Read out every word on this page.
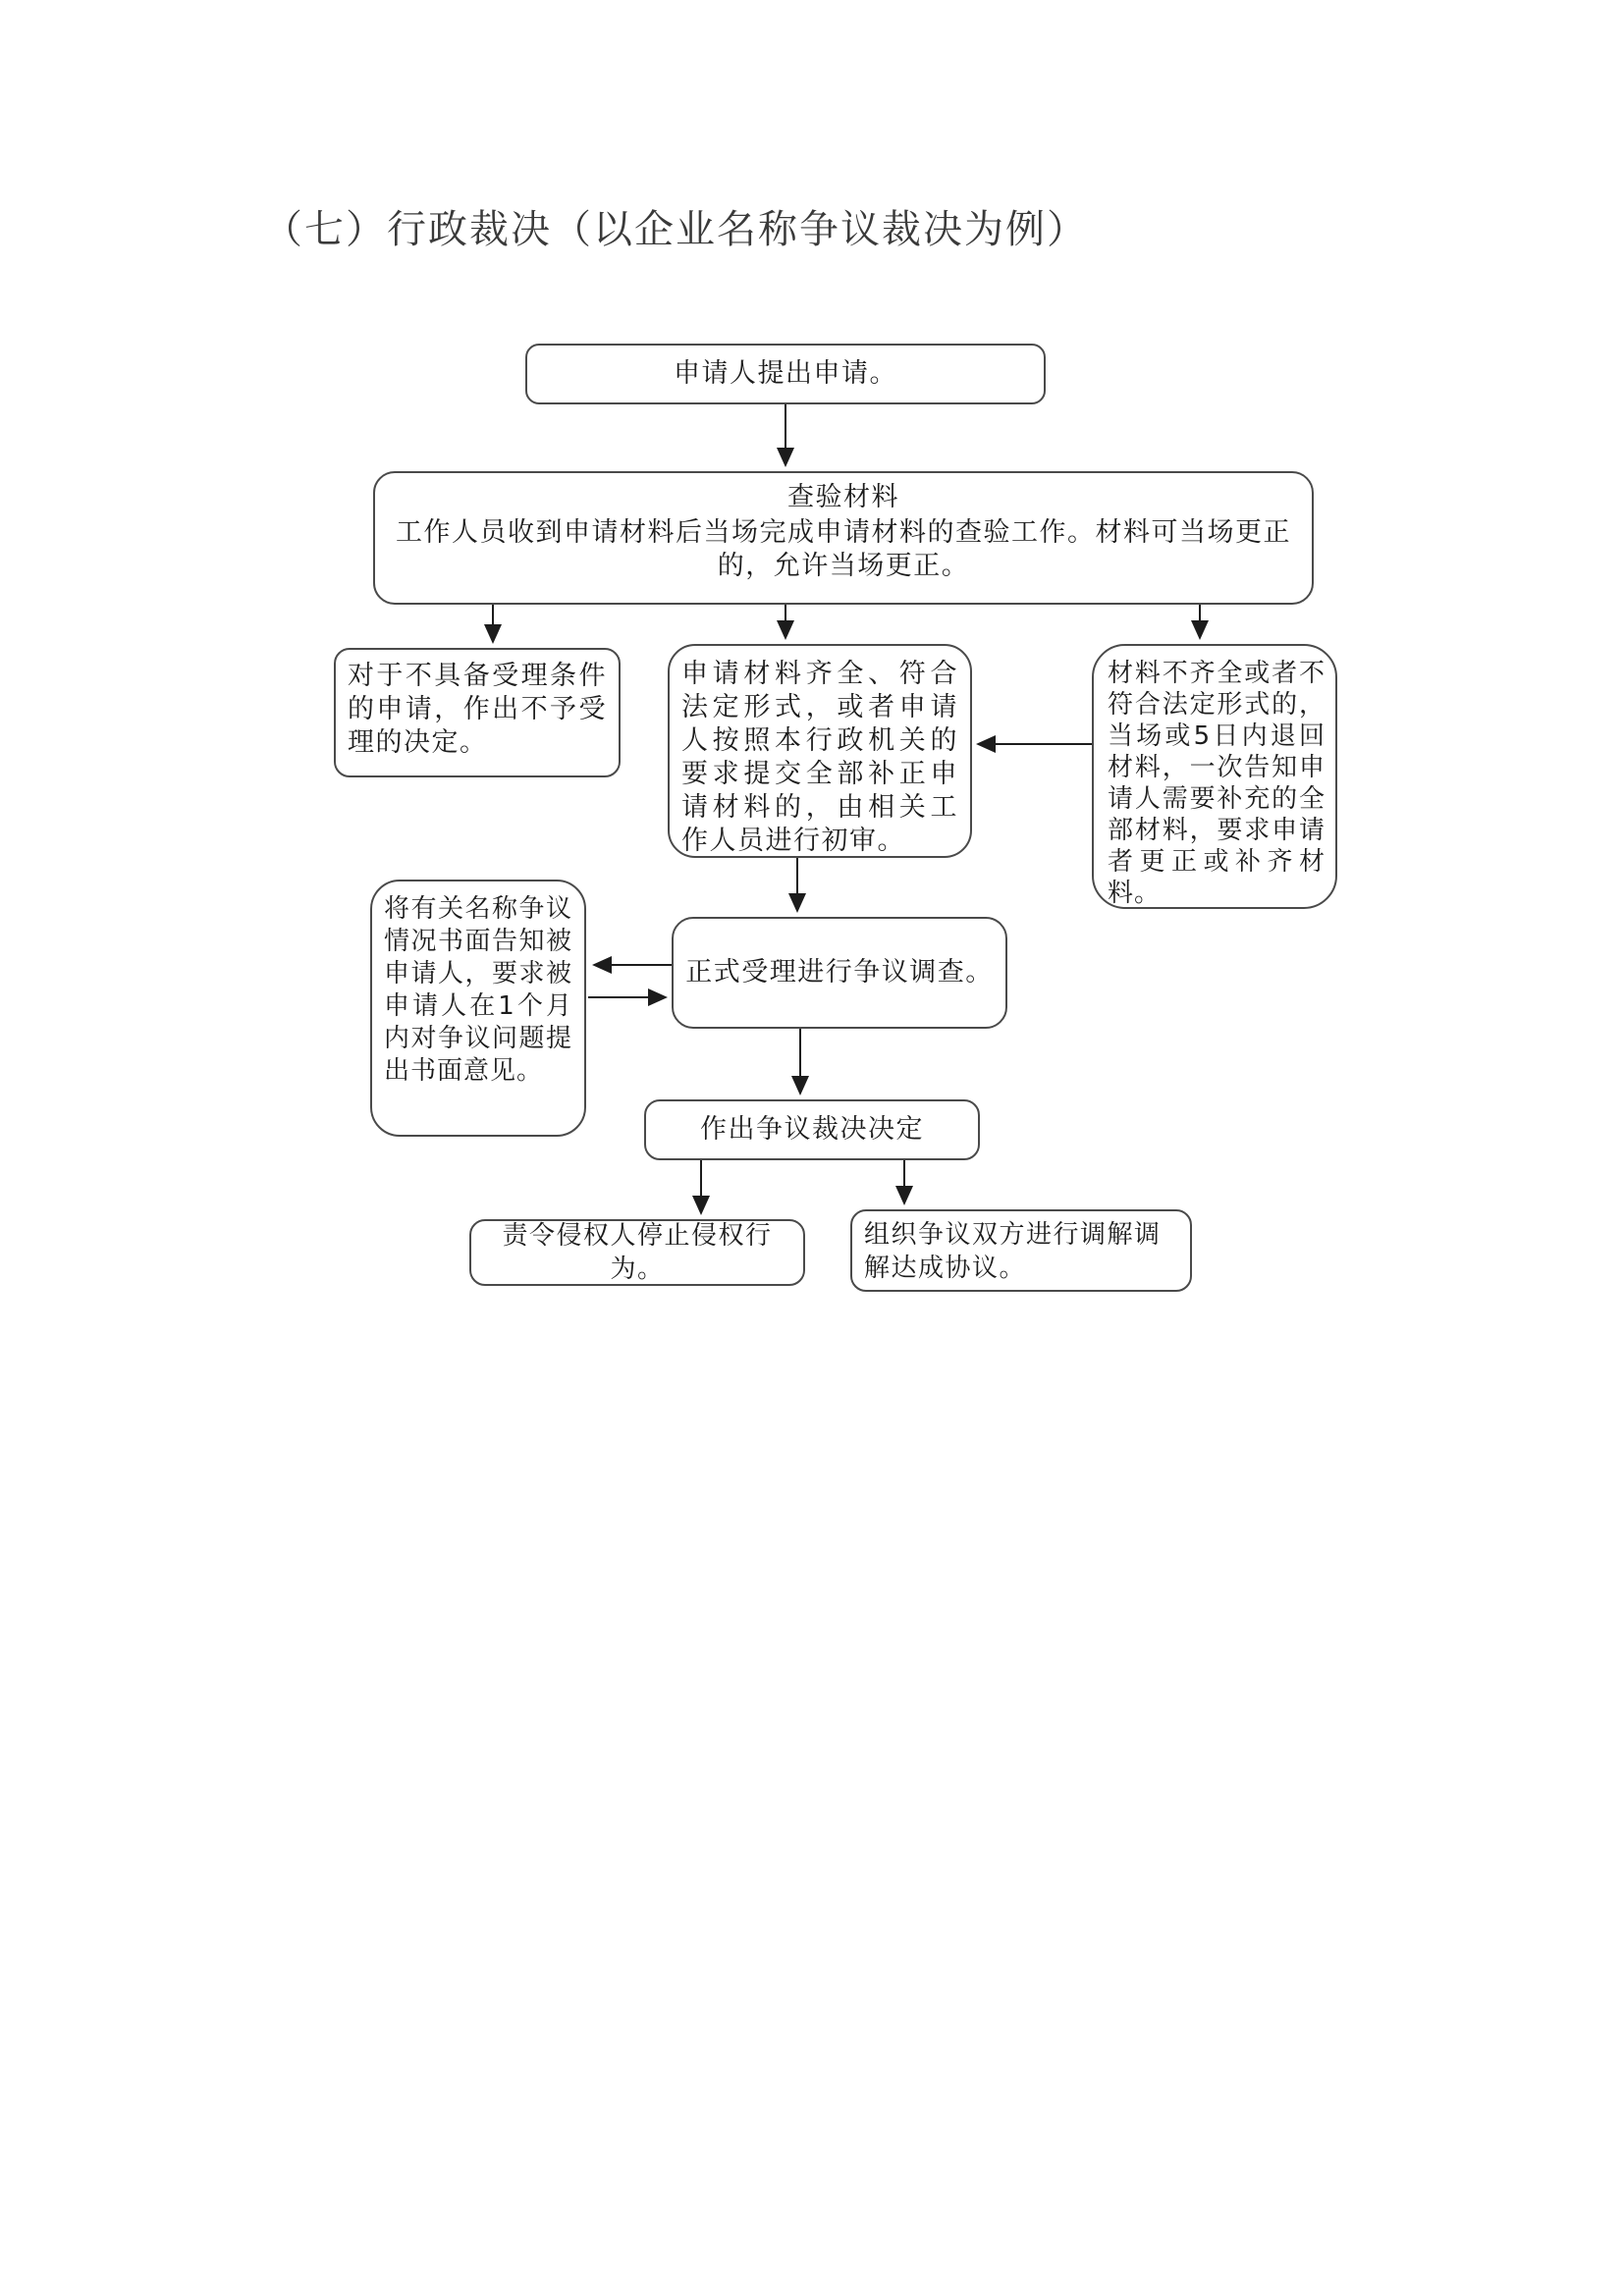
（七）行政裁决（以企业名称争议裁决为例）
申请人提出申请。
查验材料
工作人员收到申请材料后当场完成申请材料的查验工作。材料可当场更正的，允许当场更正。
对于不具备受理条件的申请，作出不予受理的决定。
申请材料齐全、符合法定形式，或者申请人按照本行政机关的要求提交全部补正申请材料的，由相关工作人员进行初审。
材料不齐全或者不符合法定形式的，当场或5日内退回材料，一次告知申请人需要补充的全部材料，要求申请者更正或补齐材料。
将有关名称争议情况书面告知被申请人，要求被申请人在1个月内对争议问题提出书面意见。
正式受理进行争议调查。
作出争议裁决决定
责令侵权人停止侵权行为。
组织争议双方进行调解调解达成协议。
